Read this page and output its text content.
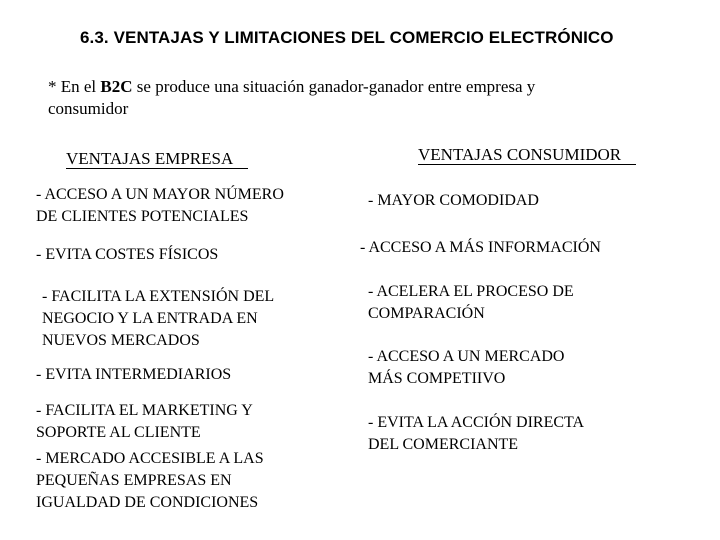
6.3. VENTAJAS Y LIMITACIONES DEL COMERCIO ELECTRÓNICO
* En el B2C se produce una situación ganador-ganador entre empresa y consumidor
VENTAJAS EMPRESA	VENTAJAS CONSUMIDOR
- ACCESO A UN MAYOR NÚMERO
DE CLIENTES POTENCIALES
- EVITA COSTES FÍSICOS
- FACILITA LA EXTENSIÓN DEL
NEGOCIO Y LA ENTRADA EN
NUEVOS MERCADOS
- EVITA INTERMEDIARIOS
- FACILITA EL MARKETING Y
SOPORTE AL CLIENTE
- MERCADO ACCESIBLE A LAS
PEQUEÑAS EMPRESAS EN
IGUALDAD DE CONDICIONES
- MAYOR COMODIDAD
- ACCESO A MÁS INFORMACIÓN
- ACELERA EL PROCESO DE
COMPARACIÓN
- ACCESO A UN MERCADO
MÁS COMPETIIVO
- EVITA LA ACCIÓN DIRECTA
DEL COMERCIANTE
